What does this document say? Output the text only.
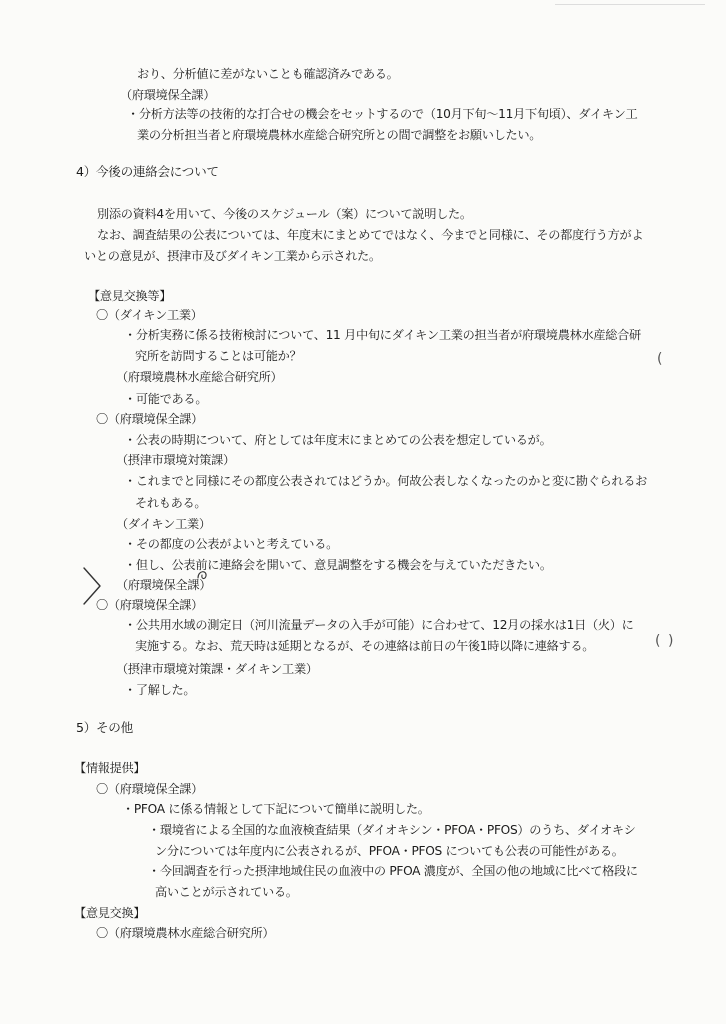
おり、分析値に差がないことも確認済みである。
（府環境保全課）
・分析方法等の技術的な打合せの機会をセットするので（10月下旬～11月下旬頃）、ダイキン工
業の分析担当者と府環境農林水産総合研究所との間で調整をお願いしたい。
4）今後の連絡会について
別添の資料4を用いて、今後のスケジュール（案）について説明した。
なお、調査結果の公表については、年度末にまとめてではなく、今までと同様に、その都度行う方がよ
いとの意見が、摂津市及びダイキン工業から示された。
【意見交換等】
〇（ダイキン工業）
・分析実務に係る技術検討について、11 月中旬にダイキン工業の担当者が府環境農林水産総合研
究所を訪問することは可能か？
（府環境農林水産総合研究所）
・可能である。
〇（府環境保全課）
・公表の時期について、府としては年度末にまとめての公表を想定しているが。
（摂津市環境対策課）
・これまでと同様にその都度公表されてはどうか。何故公表しなくなったのかと変に勘ぐられるお
それもある。
（ダイキン工業）
・その都度の公表がよいと考えている。
・但し、公表前に連絡会を開いて、意見調整をする機会を与えていただきたい。
（府環境保全課）
〇（府環境保全課）
・公共用水域の測定日（河川流量データの入手が可能）に合わせて、12月の採水は1日（火）に
実施する。なお、荒天時は延期となるが、その連絡は前日の午後1時以降に連絡する。
（摂津市環境対策課・ダイキン工業）
・了解した。
5）その他
【情報提供】
〇（府環境保全課）
・PFOA に係る情報として下記について簡単に説明した。
・環境省による全国的な血液検査結果（ダイオキシン・PFOA・PFOS）のうち、ダイオキシ
ン分については年度内に公表されるが、PFOA・PFOS についても公表の可能性がある。
・今回調査を行った摂津地域住民の血液中の PFOA 濃度が、全国の他の地域に比べて格段に
高いことが示されている。
【意見交換】
〇（府環境農林水産総合研究所）
(
( )
